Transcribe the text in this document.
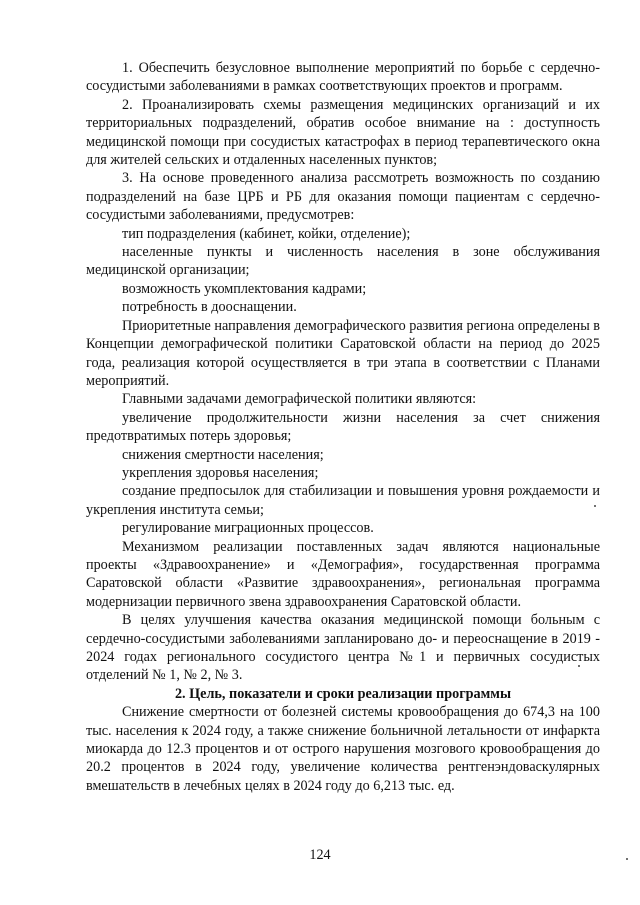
1. Обеспечить безусловное выполнение мероприятий по борьбе с сердечно-сосудистыми заболеваниями в рамках соответствующих проектов и программ.

2. Проанализировать схемы размещения медицинских организаций и их территориальных подразделений, обратив особое внимание на : доступность медицинской помощи при сосудистых катастрофах в период терапевтического окна для жителей сельских и отдаленных населенных пунктов;

3. На основе проведенного анализа рассмотреть возможность по созданию подразделений на базе ЦРБ и РБ для оказания помощи пациентам с сердечно-сосудистыми заболеваниями, предусмотрев:

тип подразделения (кабинет, койки, отделение);

населенные пункты и численность населения в зоне обслуживания медицинской организации;

возможность укомплектования кадрами;

потребность в дооснащении.

Приоритетные направления демографического развития региона определены в Концепции демографической политики Саратовской области на период до 2025 года, реализация которой осуществляется в три этапа в соответствии с Планами мероприятий.

Главными задачами демографической политики являются:

увеличение продолжительности жизни населения за счет снижения предотвратимых потерь здоровья;

снижения смертности населения;

укрепления здоровья населения;

создание предпосылок для стабилизации и повышения уровня рождаемости и укрепления института семьи;

регулирование миграционных процессов.

Механизмом реализации поставленных задач являются национальные проекты «Здравоохранение» и «Демография», государственная программа Саратовской области «Развитие здравоохранения», региональная программа модернизации первичного звена здравоохранения Саратовской области.

В целях улучшения качества оказания медицинской помощи больным с сердечно-сосудистыми заболеваниями запланировано до- и переоснащение в 2019 - 2024 годах регионального сосудистого центра №1 и первичных сосудистых отделений № 1, № 2, № 3.

2. Цель, показатели и сроки реализации программы

Снижение смертности от болезней системы кровообращения до 674,3 на 100 тыс. населения к 2024 году, а также снижение больничной летальности от инфаркта миокарда до 12.3 процентов и от острого нарушения мозгового кровообращения до 20.2 процентов в 2024 году, увеличение количества рентгенэндоваскулярных вмешательств в лечебных целях в 2024 году до 6,213 тыс. ед.

124
